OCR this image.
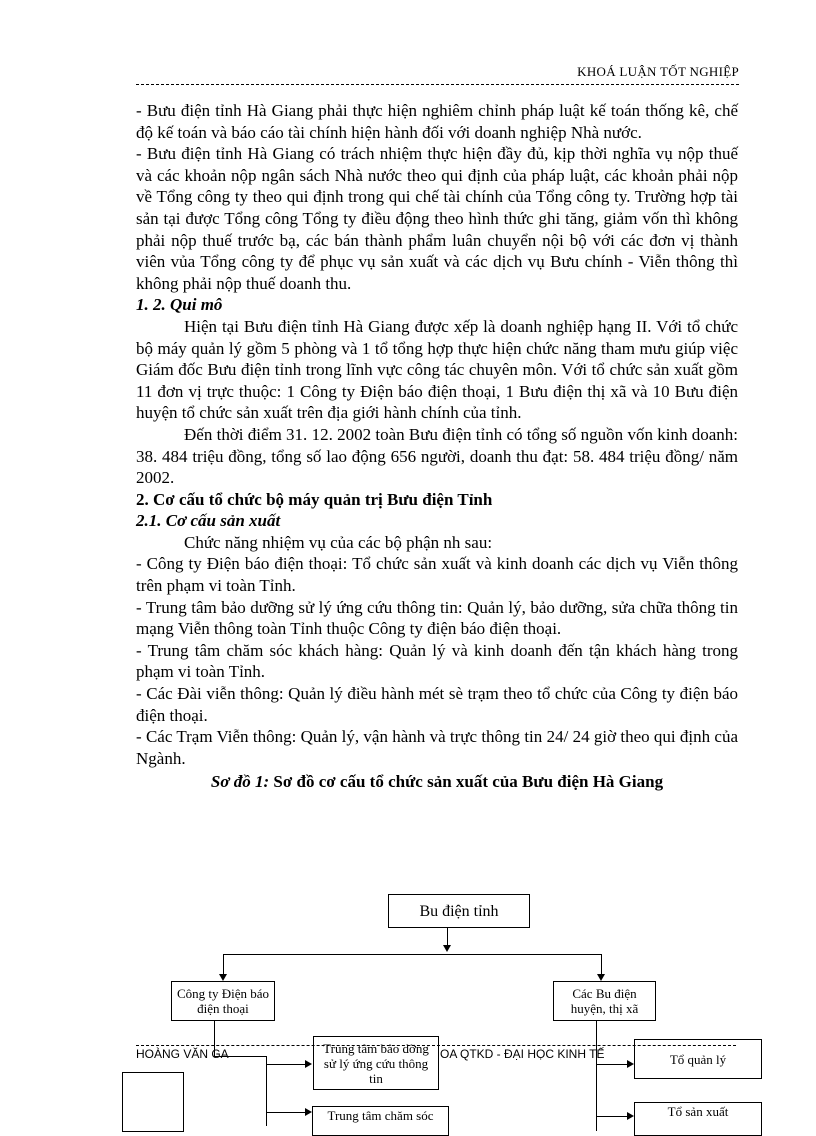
KHOÁ LUẬN TỐT NGHIỆP

- Bưu điện tỉnh Hà Giang phải thực hiện nghiêm chỉnh pháp luật kế toán thống kê, chế độ kế toán và báo cáo tài chính hiện hành đối với doanh nghiệp Nhà nước.

- Bưu điện tỉnh Hà Giang có trách nhiệm thực hiện đầy đủ, kịp thời nghĩa vụ nộp thuế và các khoản nộp ngân sách Nhà nước theo qui định của pháp luật, các khoản phải nộp về Tổng công ty theo qui định trong qui chế tài chính của Tổng công ty. Trường hợp tài sản tại được Tổng công Tổng ty điều động theo hình thức ghi tăng, giảm vốn thì không phải nộp thuế trước bạ, các bán thành phẩm luân chuyển nội bộ với các đơn vị thành viên vủa Tổng công ty để phục vụ sản xuất và các dịch vụ Bưu chính - Viễn thông thì không phải nộp thuế doanh thu.

1. 2. Qui mô

Hiện tại Bưu điện tỉnh Hà Giang được xếp là doanh nghiệp hạng II. Với tổ chức bộ máy quản lý gồm 5 phòng và 1 tổ tổng hợp thực hiện chức năng tham mưu giúp việc Giám đốc Bưu điện tỉnh trong lĩnh vực công tác chuyên môn. Với tổ chức sản xuất gồm 11 đơn vị trực thuộc: 1 Công ty Điện báo điện thoại, 1 Bưu điện thị xã và 10 Bưu điện huyện tổ chức sản xuất trên địa giới hành chính của tỉnh.

Đến thời điểm 31. 12. 2002 toàn Bưu điện tỉnh có tổng số nguồn vốn kinh doanh: 38. 484 triệu đồng, tổng số lao động 656 người, doanh thu đạt: 58. 484 triệu đồng/ năm 2002.

2. Cơ cấu tổ chức bộ máy quản trị Bưu điện Tỉnh

2.1. Cơ cấu sản xuất

Chức năng nhiệm vụ của các bộ phận nh sau:

- Công ty Điện báo điện thoại: Tổ chức sản xuất và kinh doanh các dịch vụ Viễn thông trên phạm vi toàn Tỉnh.

- Trung tâm bảo dưỡng sử lý ứng cứu thông tin: Quản lý, bảo dưỡng, sửa chữa thông tin mạng Viễn thông toàn Tỉnh thuộc Công ty điện báo điện thoại.

- Trung tâm chăm sóc khách hàng: Quản lý và kinh doanh đến tận khách hàng trong phạm vi toàn Tỉnh.

- Các Đài viễn thông: Quản lý điều hành mét sè trạm theo tổ chức của Công ty điện báo điện thoại.

- Các Trạm Viễn thông: Quản lý, vận hành và trực thông tin 24/ 24 giờ theo qui định của Ngành.

Sơ đồ 1: Sơ đồ cơ cấu tổ chức sản xuất của Bưu điện Hà Giang

Bu điện tỉnh
Công ty Điện báo điện thoại
Các Bu điện huyện, thị xã
Trung tâm bảo dỡng sử lý ứng cứu thông tin
Trung tâm chăm sóc
Tổ quản lý
Tổ sản xuất
HOÀNG VĂN GA	OA QTKD - ĐẠI HỌC KINH TẾ
